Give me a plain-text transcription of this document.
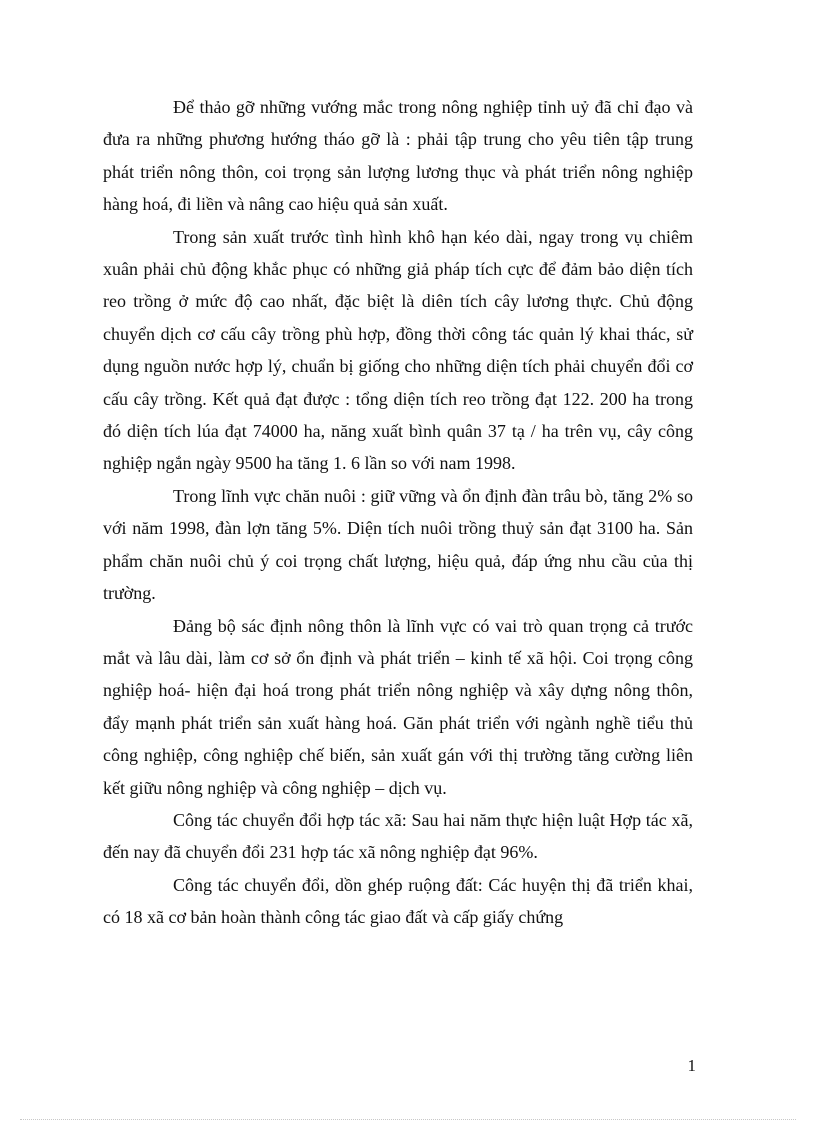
Để thảo gỡ những vướng mắc trong nông nghiệp tỉnh uỷ đã chỉ đạo và đưa ra những phương hướng tháo gỡ là : phải tập trung cho yêu tiên tập trung phát triển nông thôn, coi trọng sản lượng lương thục và phát triển nông nghiệp hàng hoá, đi liền và nâng cao hiệu quả sản xuất.

Trong sản xuất trước tình hình khô hạn kéo dài, ngay trong vụ chiêm xuân phải chủ động khắc phục có những giả pháp tích cực để đảm bảo diện tích reo trồng ở mức độ cao nhất, đặc biệt là diên tích cây lương thực. Chủ động chuyển dịch cơ cấu cây trồng phù hợp, đồng thời công tác quản lý khai thác, sử dụng nguồn nước hợp lý, chuẩn bị giống cho những diện tích phải chuyển đổi cơ cấu cây trồng. Kết quả đạt được : tổng diện tích reo trồng đạt 122. 200 ha trong đó diện tích lúa đạt 74000 ha, năng xuất bình quân 37 tạ / ha trên vụ, cây công nghiệp ngắn ngày 9500 ha tăng 1. 6 lần so với nam 1998.

Trong lĩnh vực chăn nuôi : giữ vững và ổn định đàn trâu bò, tăng 2% so với năm 1998, đàn lợn tăng 5%. Diện tích nuôi trồng thuỷ sản đạt 3100 ha. Sản phẩm chăn nuôi chủ ý coi trọng chất lượng, hiệu quả, đáp ứng nhu cầu của thị trường.

Đảng bộ sác định nông thôn là lĩnh vực có vai trò quan trọng cả trước mắt và lâu dài, làm cơ sở ổn định và phát triển – kinh tế xã hội. Coi trọng công nghiệp hoá- hiện đại hoá trong phát triển nông nghiệp và xây dựng nông thôn, đẩy mạnh phát triển sản xuất hàng hoá. Găn phát triển với ngành nghề tiểu thủ công nghiệp, công nghiệp chế biến, sản xuất gán với thị trường tăng cường liên kết giữu nông nghiệp và công nghiệp – dịch vụ.

Công tác chuyển đổi hợp tác xã: Sau hai năm thực hiện luật Hợp tác xã, đến nay đã chuyển đổi 231 hợp tác xã nông nghiệp đạt 96%.

Công tác chuyển đổi, dồn ghép ruộng đất: Các huyện thị đã triển khai, có 18 xã cơ bản hoàn thành công tác giao đất và cấp giấy chứng

1
